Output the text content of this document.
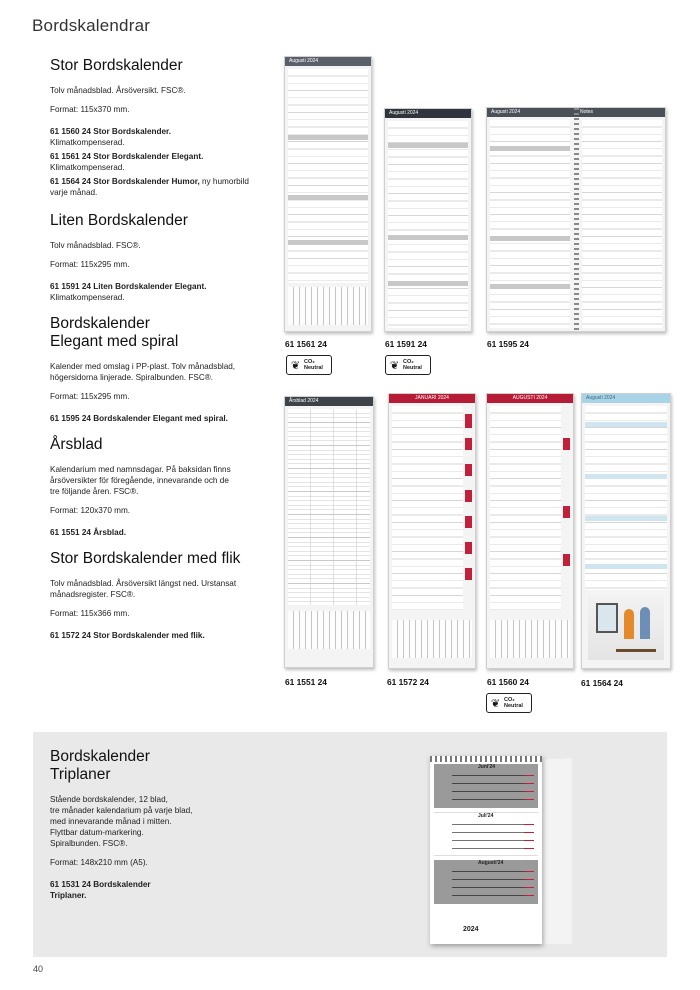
Bordskalendrar
Stor Bordskalender
Tolv månadsblad. Årsöversikt. FSC®.
Format: 115x370 mm.
61 1560 24 Stor Bordskalender.
Klimatkompenserad.
61 1561 24 Stor Bordskalender Elegant.
Klimatkompenserad.
61 1564 24 Stor Bordskalender Humor, ny humorbild varje månad.
Liten Bordskalender
Tolv månadsblad. FSC®.
Format: 115x295 mm.
61 1591 24 Liten Bordskalender Elegant.
Klimatkompenserad.
Bordskalender
Elegant med spiral
Kalender med omslag i PP-plast. Tolv månadsblad,
högersidorna linjerade. Spiralbunden. FSC®.
Format: 115x295 mm.
61 1595 24 Bordskalender Elegant med spiral.
Årsblad
Kalendarium med namnsdagar. På baksidan finns
årsöversikter för föregående, innevarande och de
tre följande åren. FSC®.
Format: 120x370 mm.
61 1551 24 Årsblad.
Stor Bordskalender med flik
Tolv månadsblad. Årsöversikt längst ned. Urstansat
månadsregister. FSC®.
Format: 115x366 mm.
61 1572 24 Stor Bordskalender med flik.
Augusti 2024
61 1561 24
❦ CO₂
Neutral
Augusti 2024
61 1591 24
❦ CO₂
Neutral
Augusti 2024	Notes
61 1595 24
Årsblad 2024
61 1551 24
JANUARI 2024
61 1572 24
AUGUSTI 2024
61 1560 24
❦ CO₂
Neutral
Augusti 2024
61 1564 24
Bordskalender
Triplaner
Stående bordskalender, 12 blad,
tre månader kalendarium på varje blad,
med innevarande månad i mitten.
Flyttbar datum-markering.
Spiralbunden. FSC®.
Format: 148x210 mm (A5).
61 1531 24 Bordskalender
Triplaner.
Juni'24
Juli'24
Augusti'24
2024
40
